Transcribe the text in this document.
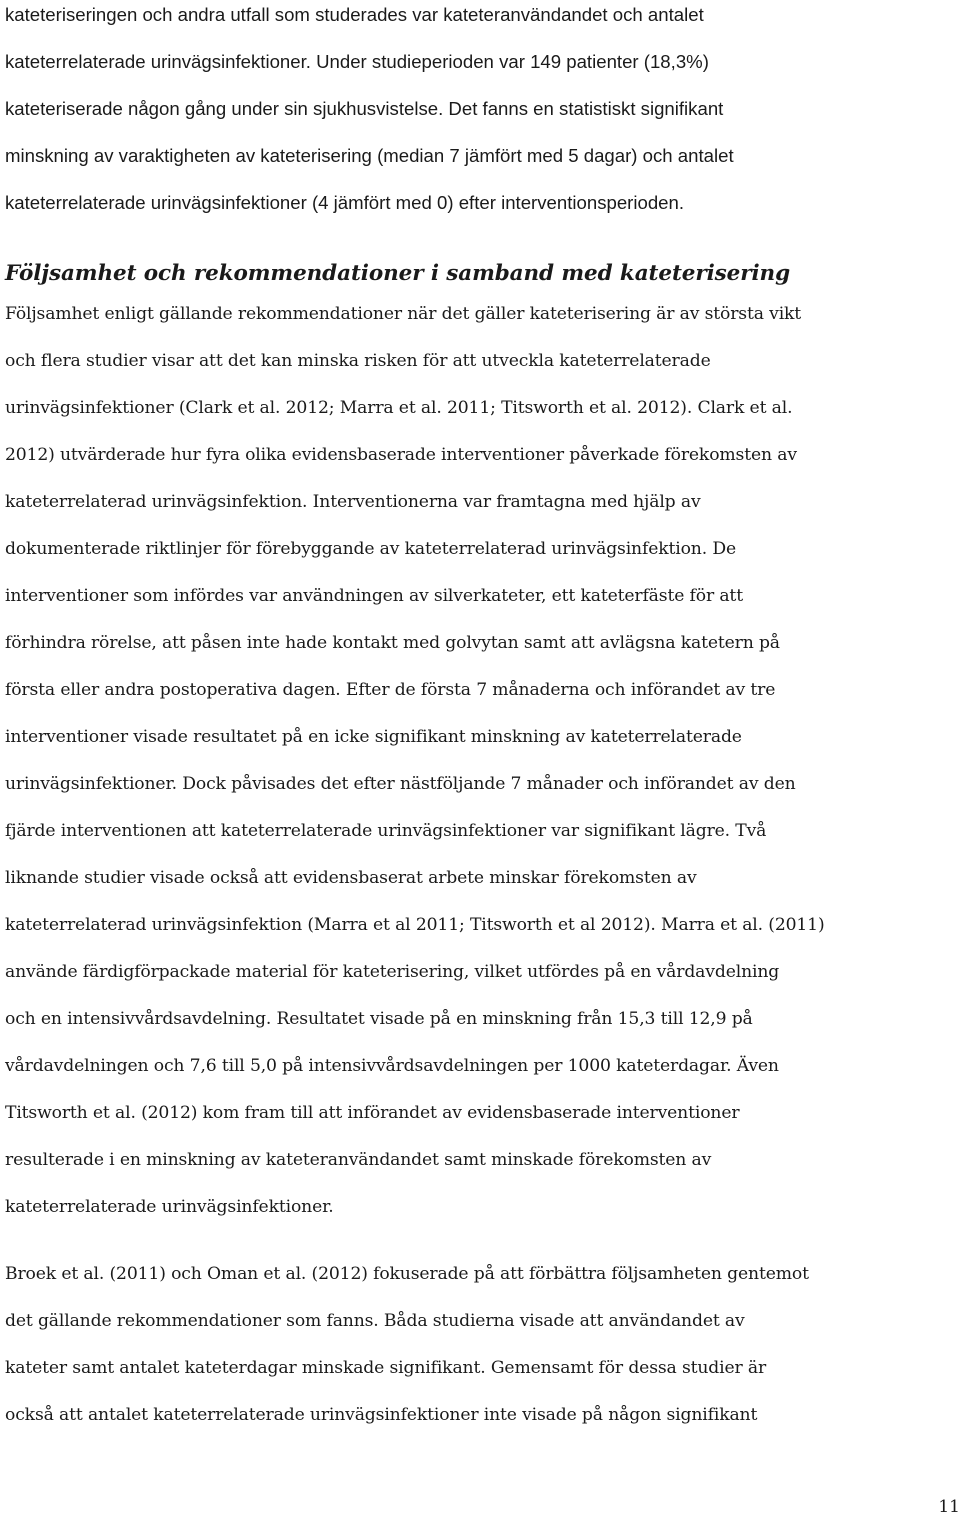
kateteriseringen och andra utfall som studerades var kateteranvändandet och antalet
kateterrelaterade urinvägsinfektioner. Under studieperioden var 149 patienter (18,3%)
kateteriserade någon gång under sin sjukhusvistelse. Det fanns en statistiskt signifikant
minskning av varaktigheten av kateterisering (median 7 jämfört med 5 dagar) och antalet
kateterrelaterade urinvägsinfektioner (4 jämfört med 0) efter interventionsperioden.
Följsamhet och rekommendationer i samband med kateterisering
Följsamhet enligt gällande rekommendationer när det gäller kateterisering är av största vikt
och flera studier visar att det kan minska risken för att utveckla kateterrelaterade
urinvägsinfektioner (Clark et al. 2012; Marra et al. 2011; Titsworth et al. 2012). Clark et al.
2012) utvärderade hur fyra olika evidensbaserade interventioner påverkade förekomsten av
kateterrelaterad urinvägsinfektion. Interventionerna var framtagna med hjälp av
dokumenterade riktlinjer för förebyggande av kateterrelaterad urinvägsinfektion. De
interventioner som infördes var användningen av silverkateter, ett kateterfäste för att
förhindra rörelse, att påsen inte hade kontakt med golvytan samt att avlägsna katetern på
första eller andra postoperativa dagen. Efter de första 7 månaderna och införandet av tre
interventioner visade resultatet på en icke signifikant minskning av kateterrelaterade
urinvägsinfektioner. Dock påvisades det efter nästföljande 7 månader och införandet av den
fjärde interventionen att kateterrelaterade urinvägsinfektioner var signifikant lägre. Två
liknande studier visade också att evidensbaserat arbete minskar förekomsten av
kateterrelaterad urinvägsinfektion (Marra et al 2011; Titsworth et al 2012). Marra et al. (2011)
använde färdigförpackade material för kateterisering, vilket utfördes på en vårdavdelning
och en intensivvårdsavdelning. Resultatet visade på en minskning från 15,3 till 12,9 på
vårdavdelningen och 7,6 till 5,0 på intensivvårdsavdelningen per 1000 kateterdagar. Även
Titsworth et al. (2012) kom fram till att införandet av evidensbaserade interventioner
resulterade i en minskning av kateteranvändandet samt minskade förekomsten av
kateterrelaterade urinvägsinfektioner.
Broek et al. (2011) och Oman et al. (2012) fokuserade på att förbättra följsamheten gentemot
det gällande rekommendationer som fanns. Båda studierna visade att användandet av
kateter samt antalet kateterdagar minskade signifikant. Gemensamt för dessa studier är
också att antalet kateterrelaterade urinvägsinfektioner inte visade på någon signifikant
11
